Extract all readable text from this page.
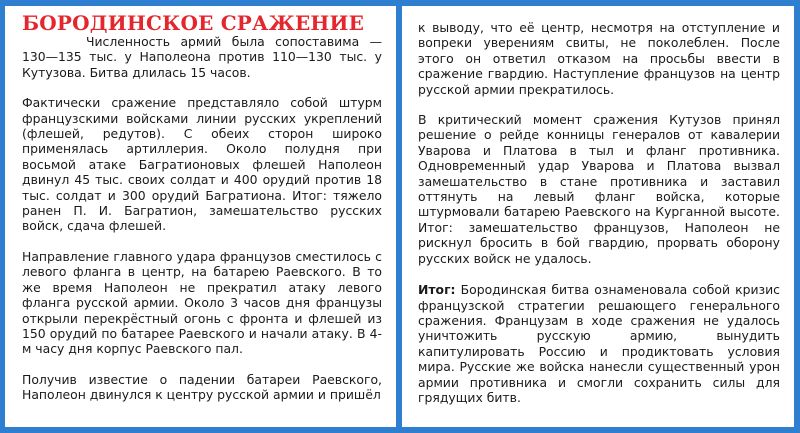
БОРОДИНСКОЕ СРАЖЕНИЕ
Численность армий была сопоставима — 130—135 тыс. у Наполеона против 110—130 тыс. у Кутузова. Битва длилась 15 часов.
Фактически сражение представляло собой штурм французскими войсками линии русских укреплений (флешей, редутов). С обеих сторон широко применялась артиллерия. Около полудня при восьмой атаке Багратионовых флешей Наполеон двинул 45 тыс. своих солдат и 400 орудий против 18 тыс. солдат и 300 орудий Багратиона. Итог: тяжело ранен П. И. Багратион, замешательство русских войск, сдача флешей.
Направление главного удара французов сместилось с левого фланга в центр, на батарею Раевского. В то же время Наполеон не прекратил атаку левого фланга русской армии. Около 3 часов дня французы открыли перекрёстный огонь с фронта и флешей из 150 орудий по батарее Раевского и начали атаку. В 4-м часу дня корпус Раевского пал.
Получив известие о падении батареи Раевского, Наполеон двинулся к центру русской армии и пришёл
к выводу, что её центр, несмотря на отступление и вопреки уверениям свиты, не поколеблен. После этого он ответил отказом на просьбы ввести в сражение гвардию. Наступление французов на центр русской армии прекратилось.
В критический момент сражения Кутузов принял решение о рейде конницы генералов от кавалерии Уварова и Платова в тыл и фланг противника. Одновременный удар Уварова и Платова вызвал замешательство в стане противника и заставил оттянуть на левый фланг войска, которые штурмовали батарею Раевского на Курганной высоте. Итог: замешательство французов, Наполеон не рискнул бросить в бой гвардию, прорвать оборону русских войск не удалось.
Итог: Бородинская битва ознаменовала собой кризис французской стратегии решающего генерального сражения. Французам в ходе сражения не удалось уничтожить русскую армию, вынудить капитулировать Россию и продиктовать условия мира. Русские же войска нанесли существенный урон армии противника и смогли сохранить силы для грядущих битв.
